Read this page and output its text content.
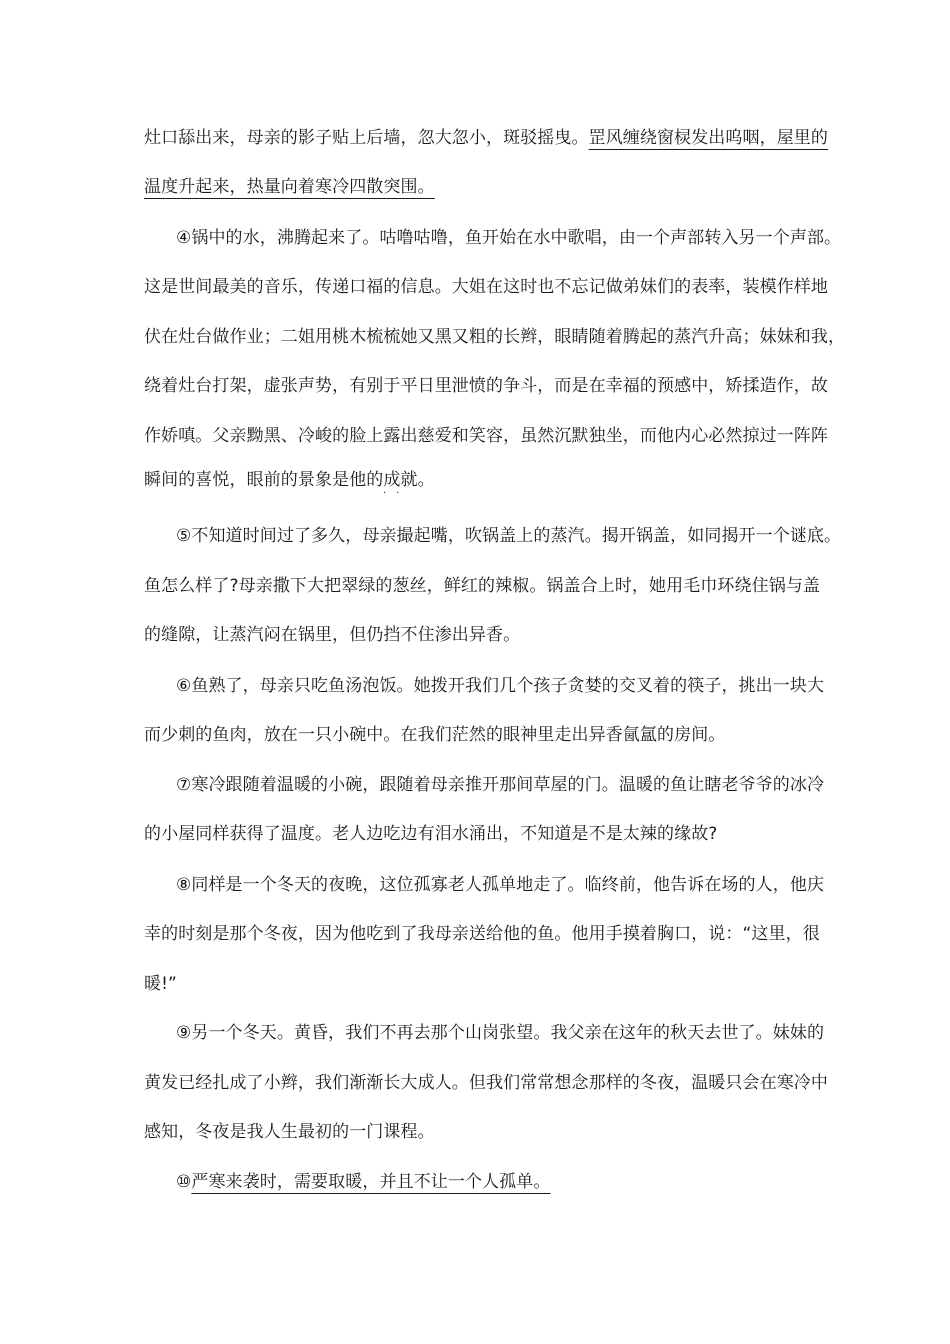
灶口舔出来，母亲的影子贴上后墙，忽大忽小，斑驳摇曳。罡风缠绕窗棂发出呜咽，屋里的
温度升起来，热量向着寒冷四散突围。
④锅中的水，沸腾起来了。咕噜咕噜，鱼开始在水中歌唱，由一个声部转入另一个声部。
这是世间最美的音乐，传递口福的信息。大姐在这时也不忘记做弟妹们的表率，装模作样地
伏在灶台做作业；二姐用桃木梳梳她又黑又粗的长辫，眼睛随着腾起的蒸汽升高；妹妹和我，
绕着灶台打架，虚张声势，有别于平日里泄愤的争斗，而是在幸福的预感中，矫揉造作，故
作娇嗔。父亲黝黑、冷峻的脸上露出慈爱和笑容，虽然沉默独坐，而他内心必然掠过一阵阵
瞬间的喜悦，眼前的景象是他的成就。
··
⑤不知道时间过了多久，母亲撮起嘴，吹锅盖上的蒸汽。揭开锅盖，如同揭开一个谜底。
鱼怎么样了?母亲撒下大把翠绿的葱丝，鲜红的辣椒。锅盖合上时，她用毛巾环绕住锅与盖
的缝隙，让蒸汽闷在锅里，但仍挡不住渗出异香。
⑥鱼熟了，母亲只吃鱼汤泡饭。她拨开我们几个孩子贪婪的交叉着的筷子，挑出一块大
而少刺的鱼肉，放在一只小碗中。在我们茫然的眼神里走出异香氤氲的房间。
⑦寒冷跟随着温暖的小碗，跟随着母亲推开那间草屋的门。温暖的鱼让瞎老爷爷的冰冷
的小屋同样获得了温度。老人边吃边有泪水涌出，不知道是不是太辣的缘故?
⑧同样是一个冬天的夜晚，这位孤寡老人孤单地走了。临终前，他告诉在场的人，他庆
幸的时刻是那个冬夜，因为他吃到了我母亲送给他的鱼。他用手摸着胸口，说：“这里，很
暖!”
⑨另一个冬天。黄昏，我们不再去那个山岗张望。我父亲在这年的秋天去世了。妹妹的
黄发已经扎成了小辫，我们渐渐长大成人。但我们常常想念那样的冬夜，温暖只会在寒冷中
感知，冬夜是我人生最初的一门课程。
⑩严寒来袭时，需要取暖，并且不让一个人孤单。
